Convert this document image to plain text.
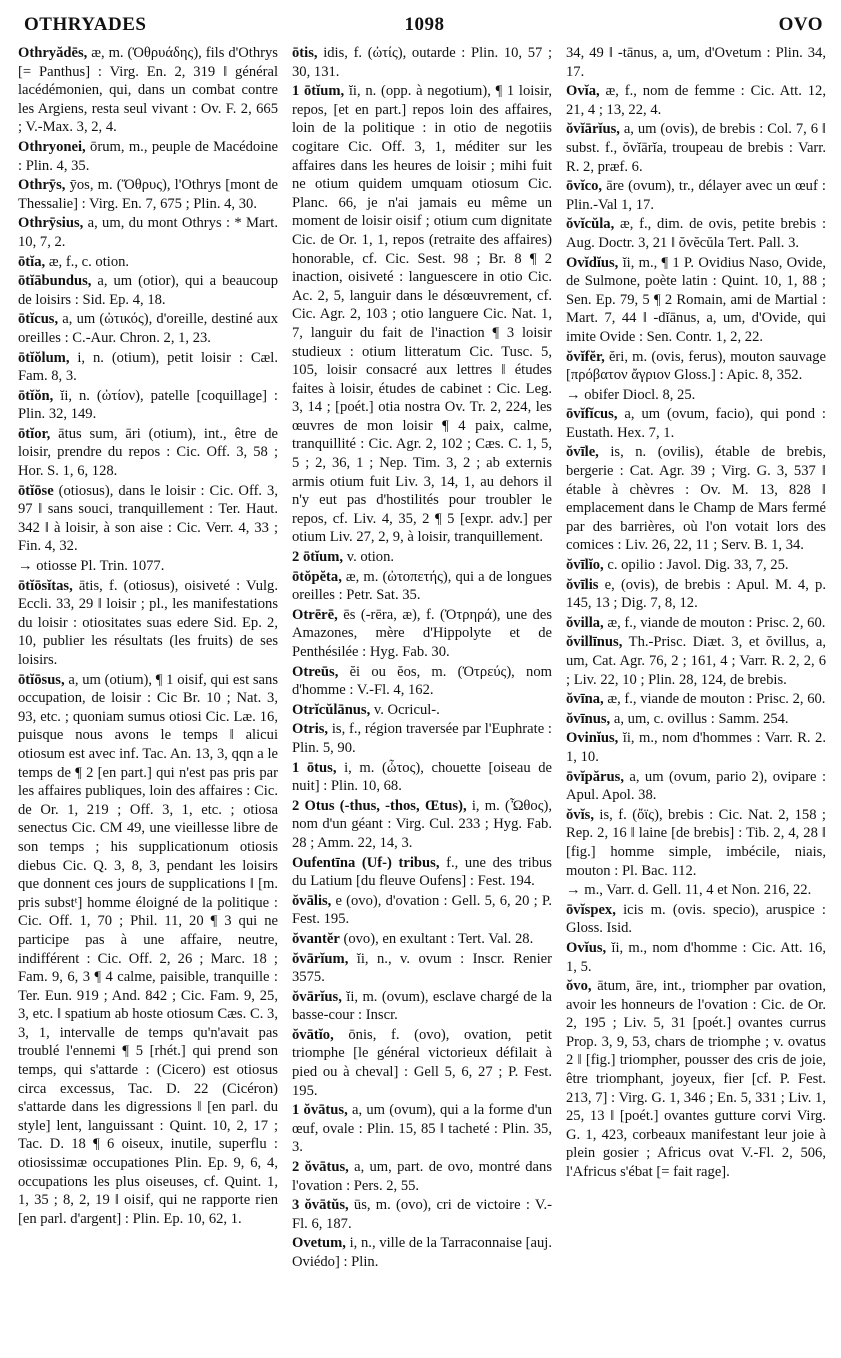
OTHRYADES	1098	OVO

Othryădēs, æ, m. (Ὀθρυάδης), fils d'Othrys [= Panthus] : Virg. En. 2, 319 ‖ général lacédémonien, qui, dans un combat contre les Argiens, resta seul vivant : Ov. F. 2, 665 ; V.-Max. 3, 2, 4.

Othryonei, ōrum, m., peuple de Macédoine : Plin. 4, 35.

Othrȳs, ȳos, m. (Ὄθρυς), l'Othrys [mont de Thessalie] : Virg. En. 7, 675 ; Plin. 4, 30.

Othrȳsius, a, um, du mont Othrys : * Mart. 10, 7, 2.

ōtĭa, æ, f., c. otion.

ōtĭābundus, a, um (otior), qui a beaucoup de loisirs : Sid. Ep. 4, 18.

ōtĭcus, a, um (ὠτικός), d'oreille, destiné aux oreilles : C.-Aur. Chron. 2, 1, 23.

ōtĭŏlum, i, n. (otium), petit loisir : Cæl. Fam. 8, 3.

ōtĭŏn, ĭi, n. (ὠτίον), patelle [coquillage] : Plin. 32, 149.

ōtĭor, ātus sum, āri (otium), int., être de loisir, prendre du repos : Cic. Off. 3, 58 ; Hor. S. 1, 6, 128.

ōtĭōse (otiosus), dans le loisir : Cic. Off. 3, 97 ‖ sans souci, tranquillement : Ter. Haut. 342 ‖ à loisir, à son aise : Cic. Verr. 4, 33 ; Fin. 4, 32.

→ otiosse Pl. Trin. 1077.

ōtĭōsĭtas, ātis, f. (otiosus), oisiveté : Vulg. Eccli. 33, 29 ‖ loisir ; pl., les manifestations du loisir : otiositates suas edere Sid. Ep. 2, 10, publier les résultats (les fruits) de ses loisirs.

ōtĭōsus, a, um (otium), ¶ 1 oisif, qui est sans occupation, de loisir : Cic Br. 10 ; Nat. 3, 93, etc. ; quoniam sumus otiosi Cic. Læ. 16, puisque nous avons le temps ‖ alicui otiosum est avec inf. Tac. An. 13, 3, qqn a le temps de ¶ 2 [en part.] qui n'est pas pris par les affaires publiques, loin des affaires : Cic. de Or. 1, 219 ; Off. 3, 1, etc. ; otiosa senectus Cic. CM 49, une vieillesse libre de son temps ; his supplicationum otiosis diebus Cic. Q. 3, 8, 3, pendant les loisirs que donnent ces jours de supplications ‖ [m. pris substᵗ] homme éloigné de la politique : Cic. Off. 1, 70 ; Phil. 11, 20 ¶ 3 qui ne participe pas à une affaire, neutre, indifférent : Cic. Off. 2, 26 ; Marc. 18 ; Fam. 9, 6, 3 ¶ 4 calme, paisible, tranquille : Ter. Eun. 919 ; And. 842 ; Cic. Fam. 9, 25, 3, etc. ‖ spatium ab hoste otiosum Cæs. C. 3, 3, 1, intervalle de temps qu'n'avait pas troublé l'ennemi ¶ 5 [rhét.] qui prend son temps, qui s'attarde : (Cicero) est otiosus circa excessus, Tac. D. 22 (Cicéron) s'attarde dans les digressions ‖ [en parl. du style] lent, languissant : Quint. 10, 2, 17 ; Tac. D. 18 ¶ 6 oiseux, inutile, superflu : otiosissimæ occupationes Plin. Ep. 9, 6, 4, occupations les plus oiseuses, cf. Quint. 1, 1, 35 ; 8, 2, 19 ‖ oisif, qui ne rapporte rien [en parl. d'argent] : Plin. Ep. 10, 62, 1.

ōtis, idis, f. (ὠτίς), outarde : Plin. 10, 57 ; 30, 131.

1 ōtĭum, ĭi, n. (opp. à negotium), ¶ 1 loisir, repos, [et en part.] repos loin des affaires, loin de la politique : in otio de negotiis cogitare Cic. Off. 3, 1, méditer sur les affaires dans les heures de loisir ; mihi fuit ne otium quidem umquam otiosum Cic. Planc. 66, je n'ai jamais eu même un moment de loisir oisif ; otium cum dignitate Cic. de Or. 1, 1, repos (retraite des affaires) honorable, cf. Cic. Sest. 98 ; Br. 8 ¶ 2 inaction, oisiveté : languescere in otio Cic. Ac. 2, 5, languir dans le désœuvrement, cf. Cic. Agr. 2, 103 ; otio languere Cic. Nat. 1, 7, languir du fait de l'inaction ¶ 3 loisir studieux : otium litteratum Cic. Tusc. 5, 105, loisir consacré aux lettres ‖ études faites à loisir, études de cabinet : Cic. Leg. 3, 14 ; [poét.] otia nostra Ov. Tr. 2, 224, les œuvres de mon loisir ¶ 4 paix, calme, tranquillité : Cic. Agr. 2, 102 ; Cæs. C. 1, 5, 5 ; 2, 36, 1 ; Nep. Tim. 3, 2 ; ab externis armis otium fuit Liv. 3, 14, 1, au dehors il n'y eut pas d'hostilités pour troubler le repos, cf. Liv. 4, 35, 2 ¶ 5 [expr. adv.] per otium Liv. 27, 2, 9, à loisir, tranquillement.

2 ōtĭum, v. otion.

ōtŏpĕta, æ, m. (ὠτοπετής), qui a de longues oreilles : Petr. Sat. 35.

Otrērē, ēs (-rēra, æ), f. (Ὀτρηρά), une des Amazones, mère d'Hippolyte et de Penthésilée : Hyg. Fab. 30.

Otreūs, ĕi ou ĕos, m. (Ὀτρεύς), nom d'homme : V.-Fl. 4, 162.

Otrĭcŭlānus, v. Ocricul-.

Otris, is, f., région traversée par l'Euphrate : Plin. 5, 90.

1 ōtus, i, m. (ὦτος), chouette [oiseau de nuit] : Plin. 10, 68.

2 Otus (-thus, -thos, Œtus), i, m. (Ὦθος), nom d'un géant : Virg. Cul. 233 ; Hyg. Fab. 28 ; Amm. 22, 14, 3.

Oufentīna (Uf-) tribus, f., une des tribus du Latium [du fleuve Oufens] : Fest. 194.

ŏvālis, e (ovo), d'ovation : Gell. 5, 6, 20 ; P. Fest. 195.

ŏvantĕr (ovo), en exultant : Tert. Val. 28.

ŏvārĭum, ĭi, n., v. ovum : Inscr. Renier 3575.

ŏvārĭus, ĭi, m. (ovum), esclave chargé de la basse-cour : Inscr.

ŏvātĭo, ōnis, f. (ovo), ovation, petit triomphe [le général victorieux défilait à pied ou à cheval] : Gell 5, 6, 27 ; P. Fest. 195.

1 ŏvātus, a, um (ovum), qui a la forme d'un œuf, ovale : Plin. 15, 85 ‖ tacheté : Plin. 35, 3.

2 ŏvātus, a, um, part. de ovo, montré dans l'ovation : Pers. 2, 55.

3 ŏvātŭs, ūs, m. (ovo), cri de victoire : V.-Fl. 6, 187.

Ovetum, i, n., ville de la Tarraconnaise [auj. Oviédo] : Plin.

34, 49 ‖ -tānus, a, um, d'Ovetum : Plin. 34, 17.

Ovĭa, æ, f., nom de femme : Cic. Att. 12, 21, 4 ; 13, 22, 4.

ŏvĭārĭus, a, um (ovis), de brebis : Col. 7, 6 ‖ subst. f., ŏvĭārĭa, troupeau de brebis : Varr. R. 2, præf. 6.

ōvĭco, āre (ovum), tr., délayer avec un œuf : Plin.-Val 1, 17.

ŏvĭcŭla, æ, f., dim. de ovis, petite brebis : Aug. Doctr. 3, 21 ‖ ŏvĕcŭla Tert. Pall. 3.

Ovĭdĭus, ĭi, m., ¶ 1 P. Ovidius Naso, Ovide, de Sulmone, poète latin : Quint. 10, 1, 88 ; Sen. Ep. 79, 5 ¶ 2 Romain, ami de Martial : Mart. 7, 44 ‖ -dĭānus, a, um, d'Ovide, qui imite Ovide : Sen. Contr. 1, 2, 22.

ŏvĭfĕr, ĕri, m. (ovis, ferus), mouton sauvage [πρόβατον ἄγριον Gloss.] : Apic. 8, 352.

→ obifer Diocl. 8, 25.

ōvĭfĭcus, a, um (ovum, facio), qui pond : Eustath. Hex. 7, 1.

ŏvīle, is, n. (ovilis), étable de brebis, bergerie : Cat. Agr. 39 ; Virg. G. 3, 537 ‖ étable à chèvres : Ov. M. 13, 828 ‖ emplacement dans le Champ de Mars fermé par des barrières, où l'on votait lors des comices : Liv. 26, 22, 11 ; Serv. B. 1, 34.

ŏvīlĭo, c. opilio : Javol. Dig. 33, 7, 25.

ŏvīlis e, (ovis), de brebis : Apul. M. 4, p. 145, 13 ; Dig. 7, 8, 12.

ŏvilla, æ, f., viande de mouton : Prisc. 2, 60.

ŏvillīnus, Th.-Prisc. Diæt. 3, et ŏvillus, a, um, Cat. Agr. 76, 2 ; 161, 4 ; Varr. R. 2, 2, 6 ; Liv. 22, 10 ; Plin. 28, 124, de brebis.

ŏvīna, æ, f., viande de mouton : Prisc. 2, 60.

ŏvīnus, a, um, c. ovillus : Samm. 254.

Ovinĭus, ĭi, m., nom d'hommes : Varr. R. 2. 1, 10.

ōvĭpărus, a, um (ovum, pario 2), ovipare : Apul. Apol. 38.

ŏvĭs, is, f. (ὄϊς), brebis : Cic. Nat. 2, 158 ; Rep. 2, 16 ‖ laine [de brebis] : Tib. 2, 4, 28 ‖ [fig.] homme simple, imbécile, niais, mouton : Pl. Bac. 112.

→ m., Varr. d. Gell. 11, 4 et Non. 216, 22.

ōvĭspex, icis m. (ovis. specio), aruspice : Gloss. Isid.

Ovĭus, ĭi, m., nom d'homme : Cic. Att. 16, 1, 5.

ŏvo, ātum, āre, int., triompher par ovation, avoir les honneurs de l'ovation : Cic. de Or. 2, 195 ; Liv. 5, 31 [poét.] ovantes currus Prop. 3, 9, 53, chars de triomphe ; v. ovatus 2 ‖ [fig.] triompher, pousser des cris de joie, être triomphant, joyeux, fier [cf. P. Fest. 213, 7] : Virg. G. 1, 346 ; En. 5, 331 ; Liv. 1, 25, 13 ‖ [poét.] ovantes gutture corvi Virg. G. 1, 423, corbeaux manifestant leur joie à plein gosier ; Africus ovat V.-Fl. 2, 506, l'Africus s'ébat [= fait rage].
